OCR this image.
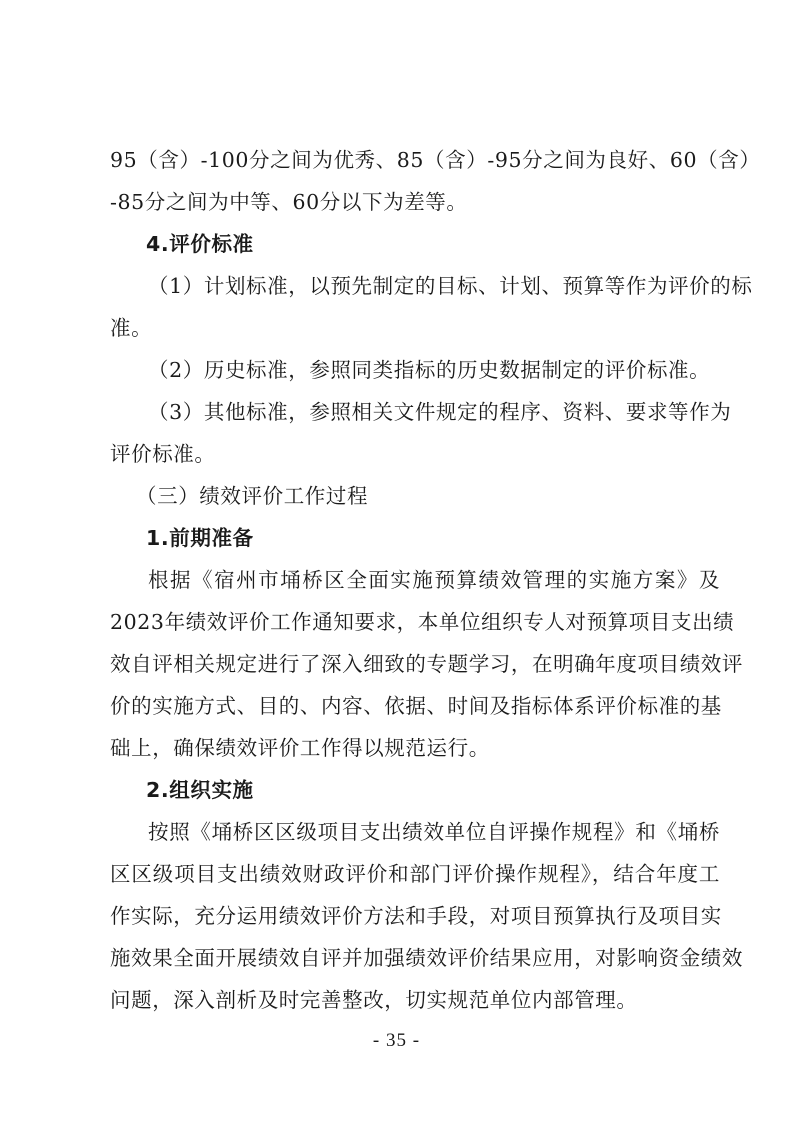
95（含）-100分之间为优秀、85（含）-95分之间为良好、60（含）
-85分之间为中等、60分以下为差等。
4.评价标准
（1）计划标准，以预先制定的目标、计划、预算等作为评价的标
准。
（2）历史标准，参照同类指标的历史数据制定的评价标准。
（3）其他标准，参照相关文件规定的程序、资料、要求等作为
评价标准。
（三）绩效评价工作过程
1.前期准备
根据《宿州市埇桥区全面实施预算绩效管理的实施方案》及
2023年绩效评价工作通知要求，本单位组织专人对预算项目支出绩
效自评相关规定进行了深入细致的专题学习，在明确年度项目绩效评
价的实施方式、目的、内容、依据、时间及指标体系评价标准的基
础上，确保绩效评价工作得以规范运行。
2.组织实施
按照《埇桥区区级项目支出绩效单位自评操作规程》和《埇桥
区区级项目支出绩效财政评价和部门评价操作规程》，结合年度工
作实际，充分运用绩效评价方法和手段，对项目预算执行及项目实
施效果全面开展绩效自评并加强绩效评价结果应用，对影响资金绩效
问题，深入剖析及时完善整改，切实规范单位内部管理。
- 35 -
